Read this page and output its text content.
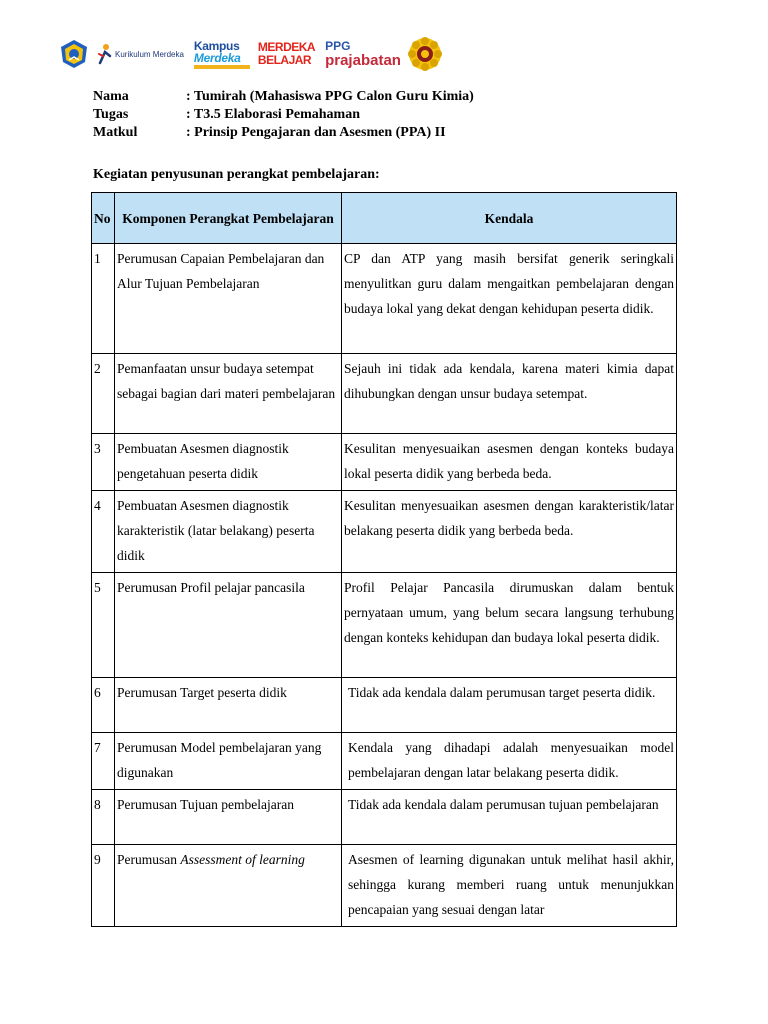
Kurikulum Merdeka
Kampus
Merdeka
MERDEKA
BELAJAR
PPG
prajabatan
Nama	: Tumirah (Mahasiswa PPG Calon Guru Kimia)
Tugas	: T3.5 Elaborasi Pemahaman
Matkul	: Prinsip Pengajaran dan Asesmen (PPA) II
Kegiatan penyusunan perangkat pembelajaran:
No	Komponen Perangkat Pembelajaran	Kendala
1	Perumusan Capaian Pembelajaran dan Alur Tujuan Pembelajaran	CP dan ATP yang masih bersifat generik seringkali menyulitkan guru dalam mengaitkan pembelajaran dengan budaya lokal yang dekat dengan kehidupan peserta didik.
2	Pemanfaatan unsur budaya setempat sebagai bagian dari materi pembelajaran	Sejauh ini tidak ada kendala, karena materi kimia dapat dihubungkan dengan unsur budaya setempat.
3	Pembuatan Asesmen diagnostik pengetahuan peserta didik	Kesulitan menyesuaikan asesmen dengan konteks budaya lokal peserta didik yang berbeda beda.
4	Pembuatan Asesmen diagnostik karakteristik (latar belakang) peserta didik	Kesulitan menyesuaikan asesmen dengan karakteristik/latar belakang peserta didik yang berbeda beda.
5	Perumusan Profil pelajar pancasila	Profil Pelajar Pancasila dirumuskan dalam bentuk pernyataan umum, yang belum secara langsung terhubung dengan konteks kehidupan dan budaya lokal peserta didik.
6	Perumusan Target peserta didik	Tidak ada kendala dalam perumusan target peserta didik.
7	Perumusan Model pembelajaran yang digunakan	Kendala yang dihadapi adalah menyesuaikan model pembelajaran dengan latar belakang peserta didik.
8	Perumusan Tujuan pembelajaran	Tidak ada kendala dalam perumusan tujuan pembelajaran
9	Perumusan Assessment of learning	Asesmen of learning digunakan untuk melihat hasil akhir, sehingga kurang memberi ruang untuk menunjukkan pencapaian yang sesuai dengan latar
